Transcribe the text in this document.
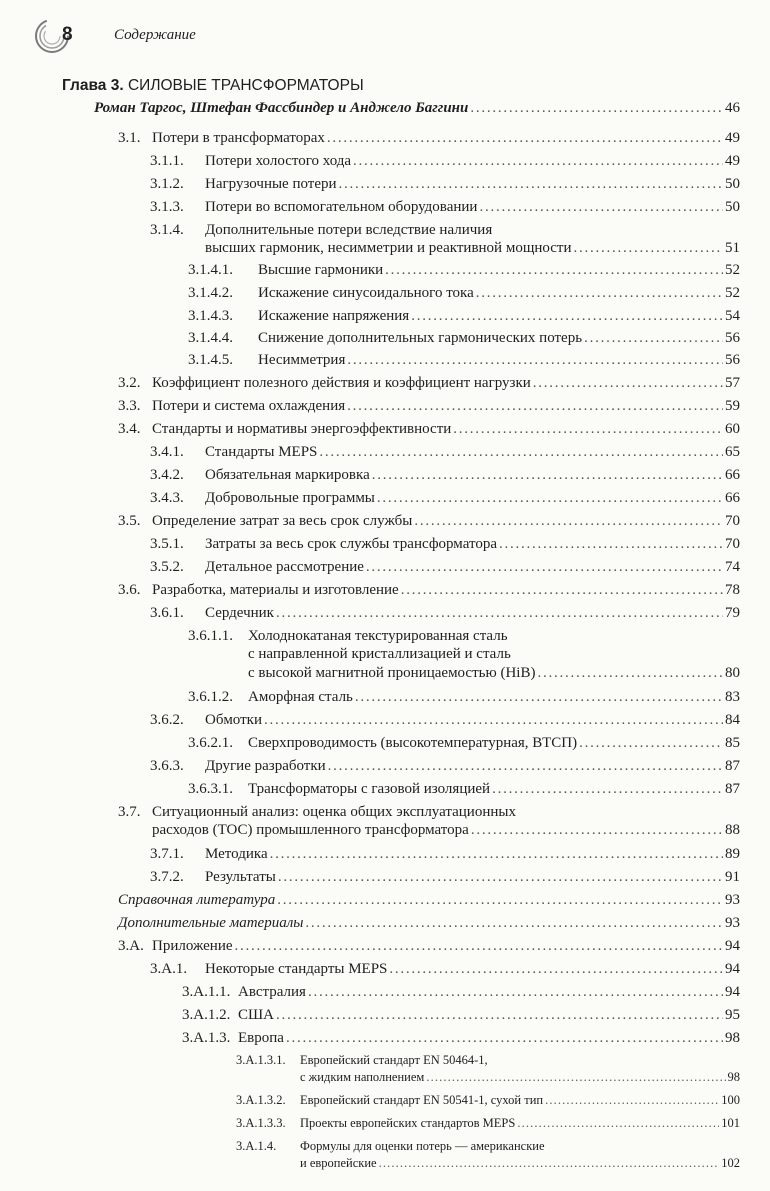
8	Содержание
Глава 3. СИЛОВЫЕ ТРАНСФОРМАТОРЫ
Роман Таргос, Штефан Фассбиндер и Анджело Баггини . . .	46
3.1. Потери в трансформаторах . . .	49
3.1.1.	Потери холостого хода . . .	49
3.1.2.	Нагрузочные потери . . .	50
3.1.3.	Потери во вспомогательном оборудовании . . .	50
3.1.4.	Дополнительные потери вследствие наличия
высших гармоник, несимметрии и реактивной мощности . . .	51
3.1.4.1.	Высшие гармоники . . .	52
3.1.4.2.	Искажение синусоидального тока . . .	52
3.1.4.3.	Искажение напряжения . . .	54
3.1.4.4.	Снижение дополнительных гармонических потерь . . .	56
3.1.4.5.	Несимметрия . . .	56
3.2. Коэффициент полезного действия и коэффициент нагрузки . . .	57
3.3. Потери и система охлаждения . . .	59
3.4. Стандарты и нормативы энергоэффективности . . .	60
3.4.1.	Стандарты MEPS . . .	65
3.4.2.	Обязательная маркировка . . .	66
3.4.3.	Добровольные программы . . .	66
3.5. Определение затрат за весь срок службы . . .	70
3.5.1.	Затраты за весь срок службы трансформатора . . .	70
3.5.2.	Детальное рассмотрение . . .	74
3.6. Разработка, материалы и изготовление . . .	78
3.6.1.	Сердечник . . .	79
3.6.1.1.	Холоднокатаная текстурированная сталь
с направленной кристаллизацией и сталь
с высокой магнитной проницаемостью (HiB) . . .	80
3.6.1.2.	Аморфная сталь . . .	83
3.6.2.	Обмотки . . .	84
3.6.2.1.	Сверхпроводимость (высокотемпературная, ВТСП) . . .	85
3.6.3.	Другие разработки . . .	87
3.6.3.1.	Трансформаторы с газовой изоляцией . . .	87
3.7. Ситуационный анализ: оценка общих эксплуатационных
расходов (ТОС) промышленного трансформатора . . .	88
3.7.1.	Методика . . .	89
3.7.2.	Результаты . . .	91
Справочная литература . . .	93
Дополнительные материалы . . .	93
3.A. Приложение . . .	94
3.A.1.	Некоторые стандарты MEPS . . .	94
3.A.1.1. Австралия . . .	94
3.A.1.2. США . . .	95
3.A.1.3. Европа . . .	98
3.A.1.3.1.	Европейский стандарт EN 50464-1,
с жидким наполнением . . .	98
3.A.1.3.2.	Европейский стандарт EN 50541-1, сухой тип . . .	100
3.A.1.3.3.	Проекты европейских стандартов MEPS . . .	101
3.A.1.4.	Формулы для оценки потерь — американские
и европейские . . .	102
